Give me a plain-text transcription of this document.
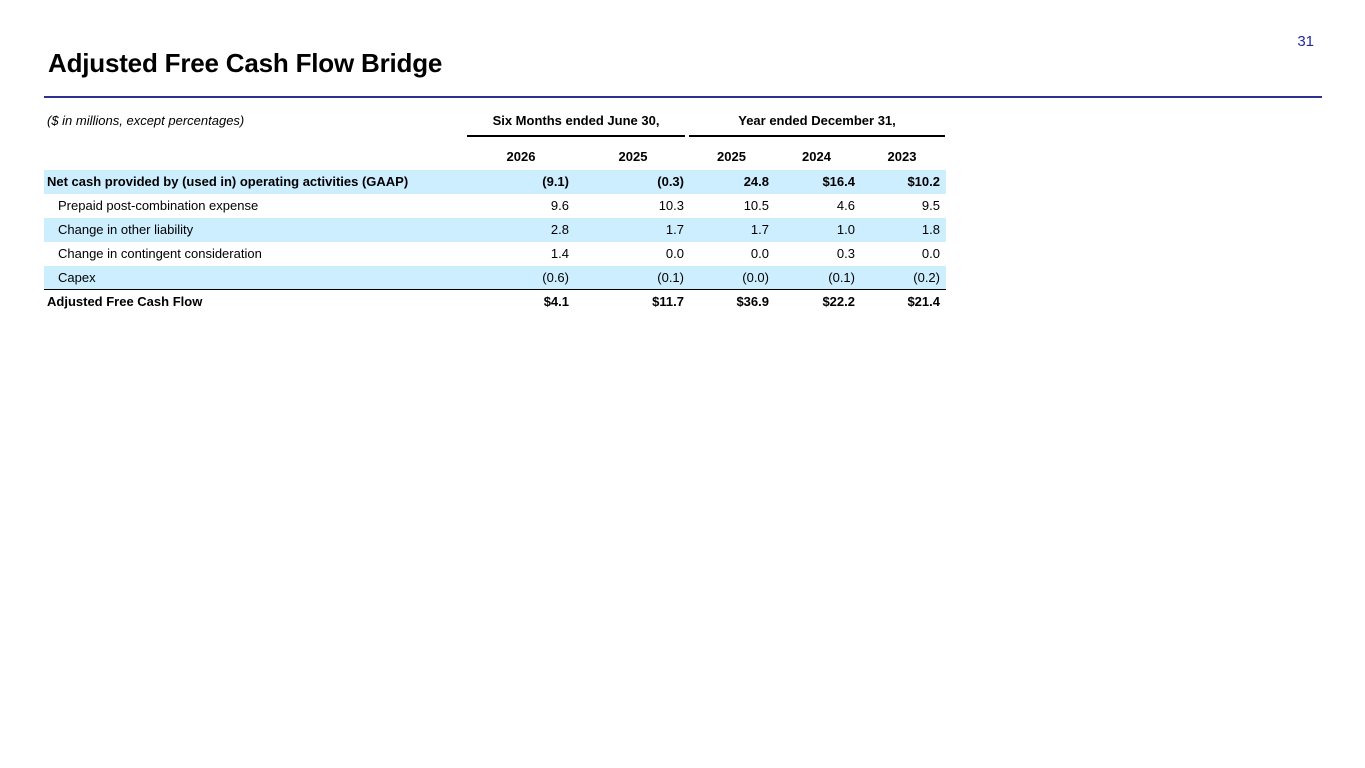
31
Adjusted Free Cash Flow Bridge
($ in millions, except percentages)	Six Months ended June 30,	Year ended December 31,
2026	2025	2025	2024	2023
Net cash provided by (used in) operating activities (GAAP)	(9.1)	(0.3)	24.8	$16.4	$10.2
Prepaid post-combination expense	9.6	10.3	10.5	4.6	9.5
Change in other liability	2.8	1.7	1.7	1.0	1.8
Change in contingent consideration	1.4	0.0	0.0	0.3	0.0
Capex	(0.6)	(0.1)	(0.0)	(0.1)	(0.2)
Adjusted Free Cash Flow	$4.1	$11.7	$36.9	$22.2	$21.4
